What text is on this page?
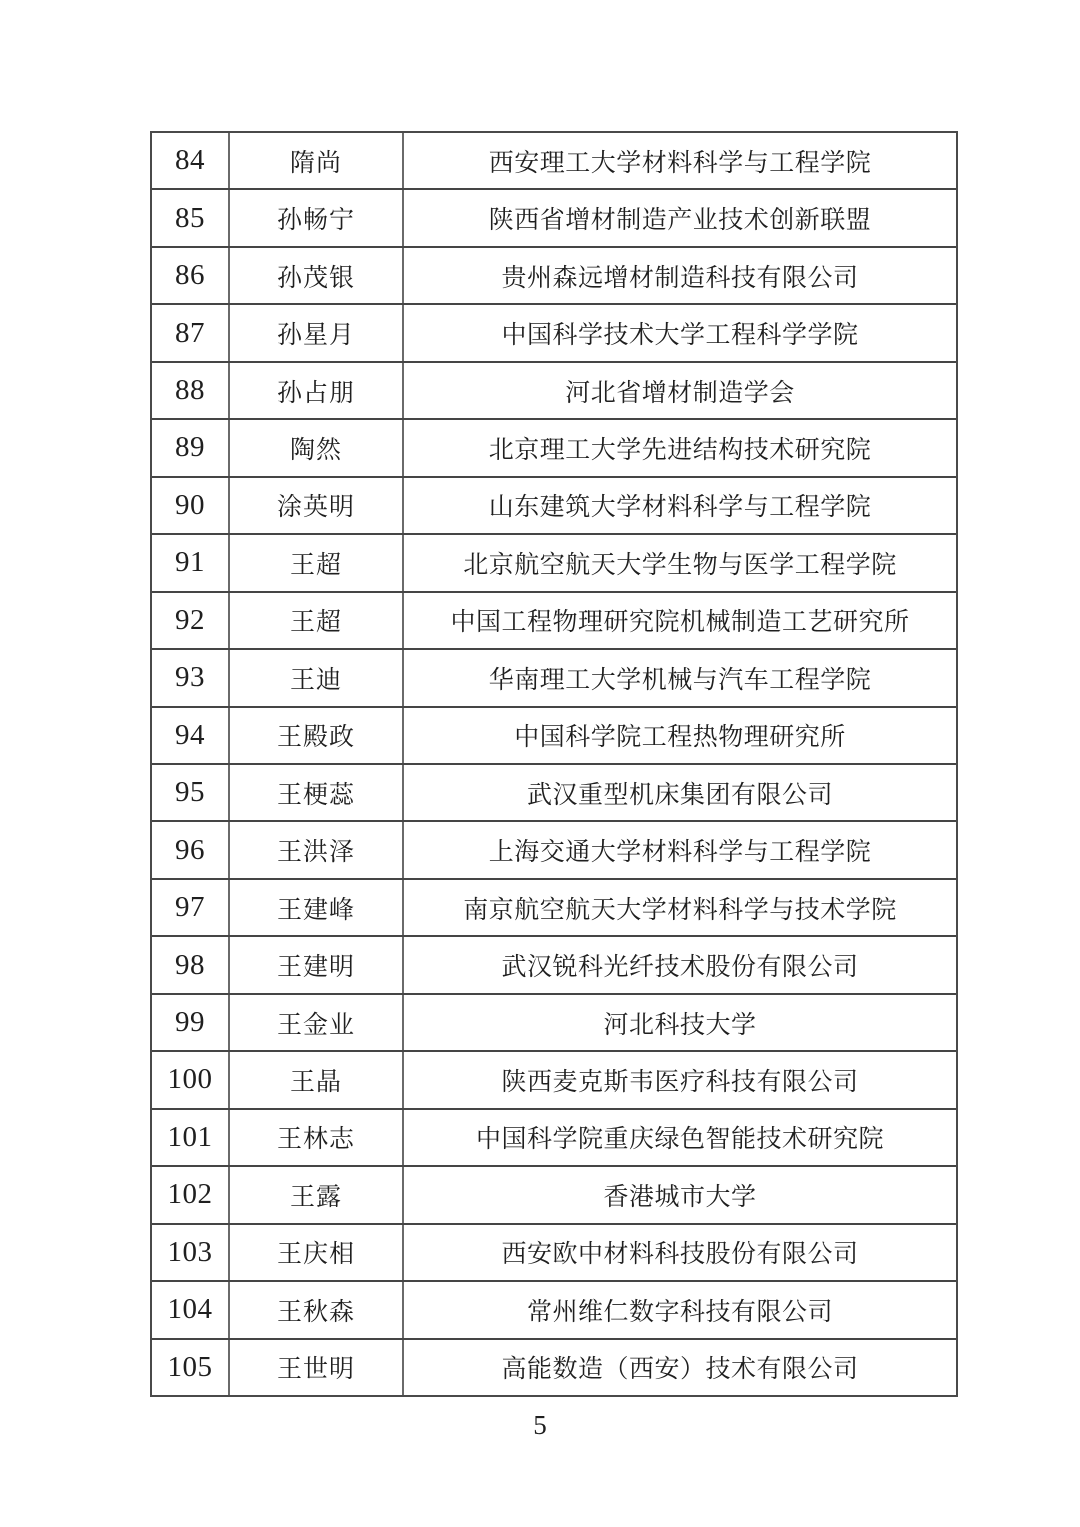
84	隋尚	西安理工大学材料科学与工程学院
85	孙畅宁	陕西省增材制造产业技术创新联盟
86	孙茂银	贵州森远增材制造科技有限公司
87	孙星月	中国科学技术大学工程科学学院
88	孙占朋	河北省增材制造学会
89	陶然	北京理工大学先进结构技术研究院
90	涂英明	山东建筑大学材料科学与工程学院
91	王超	北京航空航天大学生物与医学工程学院
92	王超	中国工程物理研究院机械制造工艺研究所
93	王迪	华南理工大学机械与汽车工程学院
94	王殿政	中国科学院工程热物理研究所
95	王梗蕊	武汉重型机床集团有限公司
96	王洪泽	上海交通大学材料科学与工程学院
97	王建峰	南京航空航天大学材料科学与技术学院
98	王建明	武汉锐科光纤技术股份有限公司
99	王金业	河北科技大学
100	王晶	陕西麦克斯韦医疗科技有限公司
101	王林志	中国科学院重庆绿色智能技术研究院
102	王露	香港城市大学
103	王庆相	西安欧中材料科技股份有限公司
104	王秋森	常州维仁数字科技有限公司
105	王世明	高能数造（西安）技术有限公司
5
